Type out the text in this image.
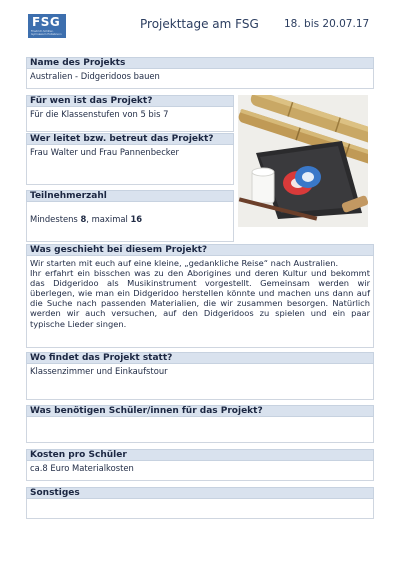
FSG
Friedrich-Schiller-Gymnasium Hollabrunn
Projekttage am FSG 18. bis 20.07.17
Name des Projekts
Australien - Didgeridoos bauen
Für wen ist das Projekt?
Für die Klassenstufen von 5 bis 7
Wer leitet bzw. betreut das Projekt?
Frau Walter und Frau Pannenbecker
Teilnehmerzahl
Mindestens 8, maximal 16
Was geschieht bei diesem Projekt?

Wir starten mit euch auf eine kleine, „gedankliche Reise“ nach Australien.

Ihr erfahrt ein bisschen was zu den Aborigines und deren Kultur und bekommt das Didgeridoo als Musikinstrument vorgestellt. Gemeinsam werden wir überlegen, wie man ein Didgeridoo herstellen könnte und machen uns dann auf die Suche nach passenden Materialien, die wir zusammen besorgen. Natürlich werden wir auch versuchen, auf den Didgeridoos zu spielen und ein paar typische Lieder singen.

Wo findet das Projekt statt?
Klassenzimmer und Einkaufstour
Was benötigen Schüler/innen für das Projekt?
Kosten pro Schüler
ca.8 Euro Materialkosten
Sonstiges
